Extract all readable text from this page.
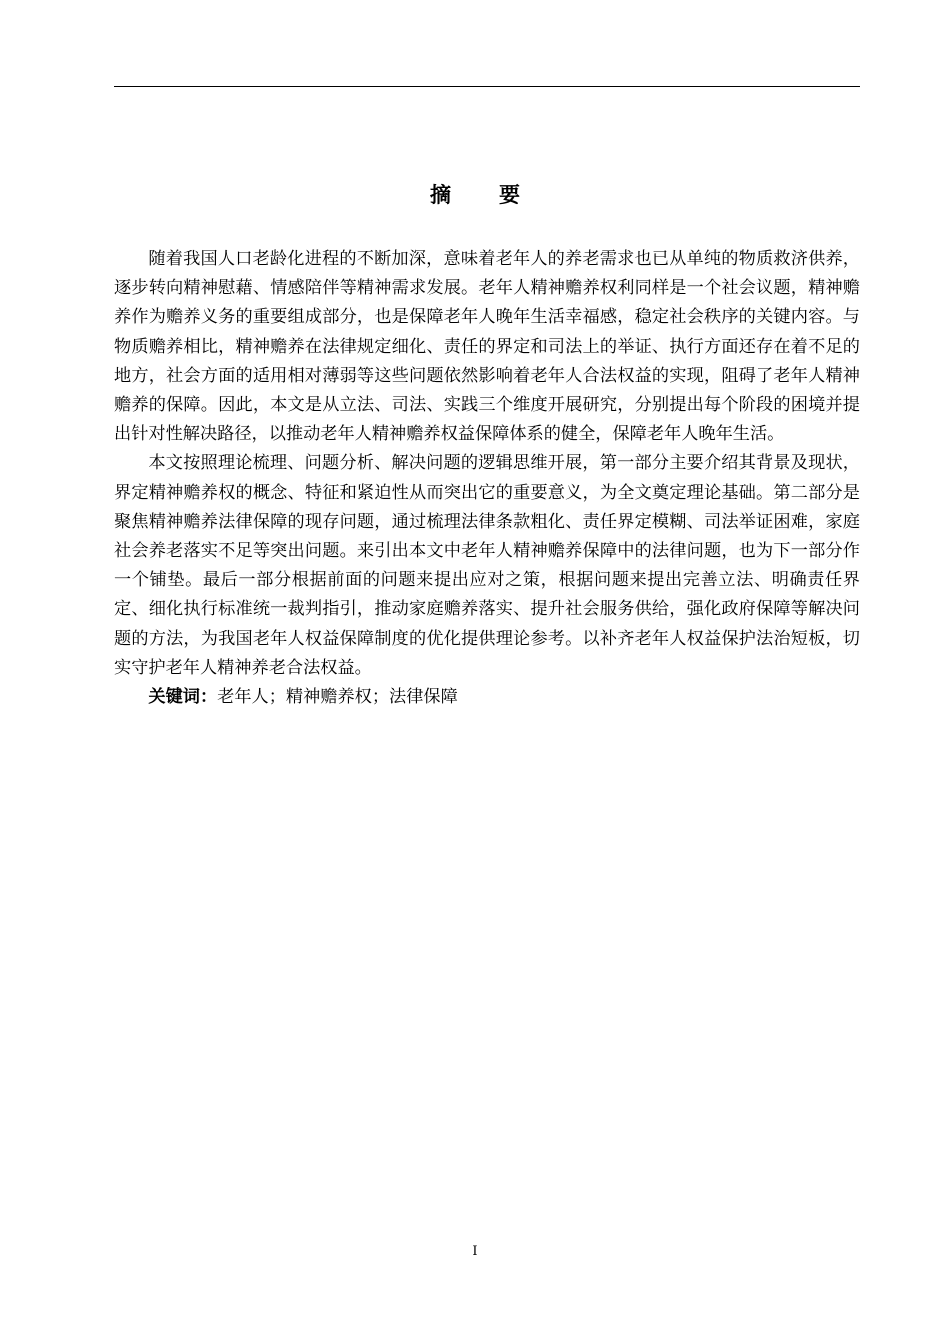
摘 要

随着我国人口老龄化进程的不断加深，意味着老年人的养老需求也已从单纯的物质救济供养，逐步转向精神慰藉、情感陪伴等精神需求发展。老年人精神赡养权利同样是一个社会议题，精神赡养作为赡养义务的重要组成部分，也是保障老年人晚年生活幸福感，稳定社会秩序的关键内容。与物质赡养相比，精神赡养在法律规定细化、责任的界定和司法上的举证、执行方面还存在着不足的地方，社会方面的适用相对薄弱等这些问题依然影响着老年人合法权益的实现，阻碍了老年人精神赡养的保障。因此，本文是从立法、司法、实践三个维度开展研究，分别提出每个阶段的困境并提出针对性解决路径，以推动老年人精神赡养权益保障体系的健全，保障老年人晚年生活。

本文按照理论梳理、问题分析、解决问题的逻辑思维开展，第一部分主要介绍其背景及现状，界定精神赡养权的概念、特征和紧迫性从而突出它的重要意义，为全文奠定理论基础。第二部分是聚焦精神赡养法律保障的现存问题，通过梳理法律条款粗化、责任界定模糊、司法举证困难，家庭社会养老落实不足等突出问题。来引出本文中老年人精神赡养保障中的法律问题，也为下一部分作一个铺垫。最后一部分根据前面的问题来提出应对之策，根据问题来提出完善立法、明确责任界定、细化执行标准统一裁判指引，推动家庭赡养落实、提升社会服务供给，强化政府保障等解决问题的方法，为我国老年人权益保障制度的优化提供理论参考。以补齐老年人权益保护法治短板，切实守护老年人精神养老合法权益。

关键词：老年人；精神赡养权；法律保障

I
